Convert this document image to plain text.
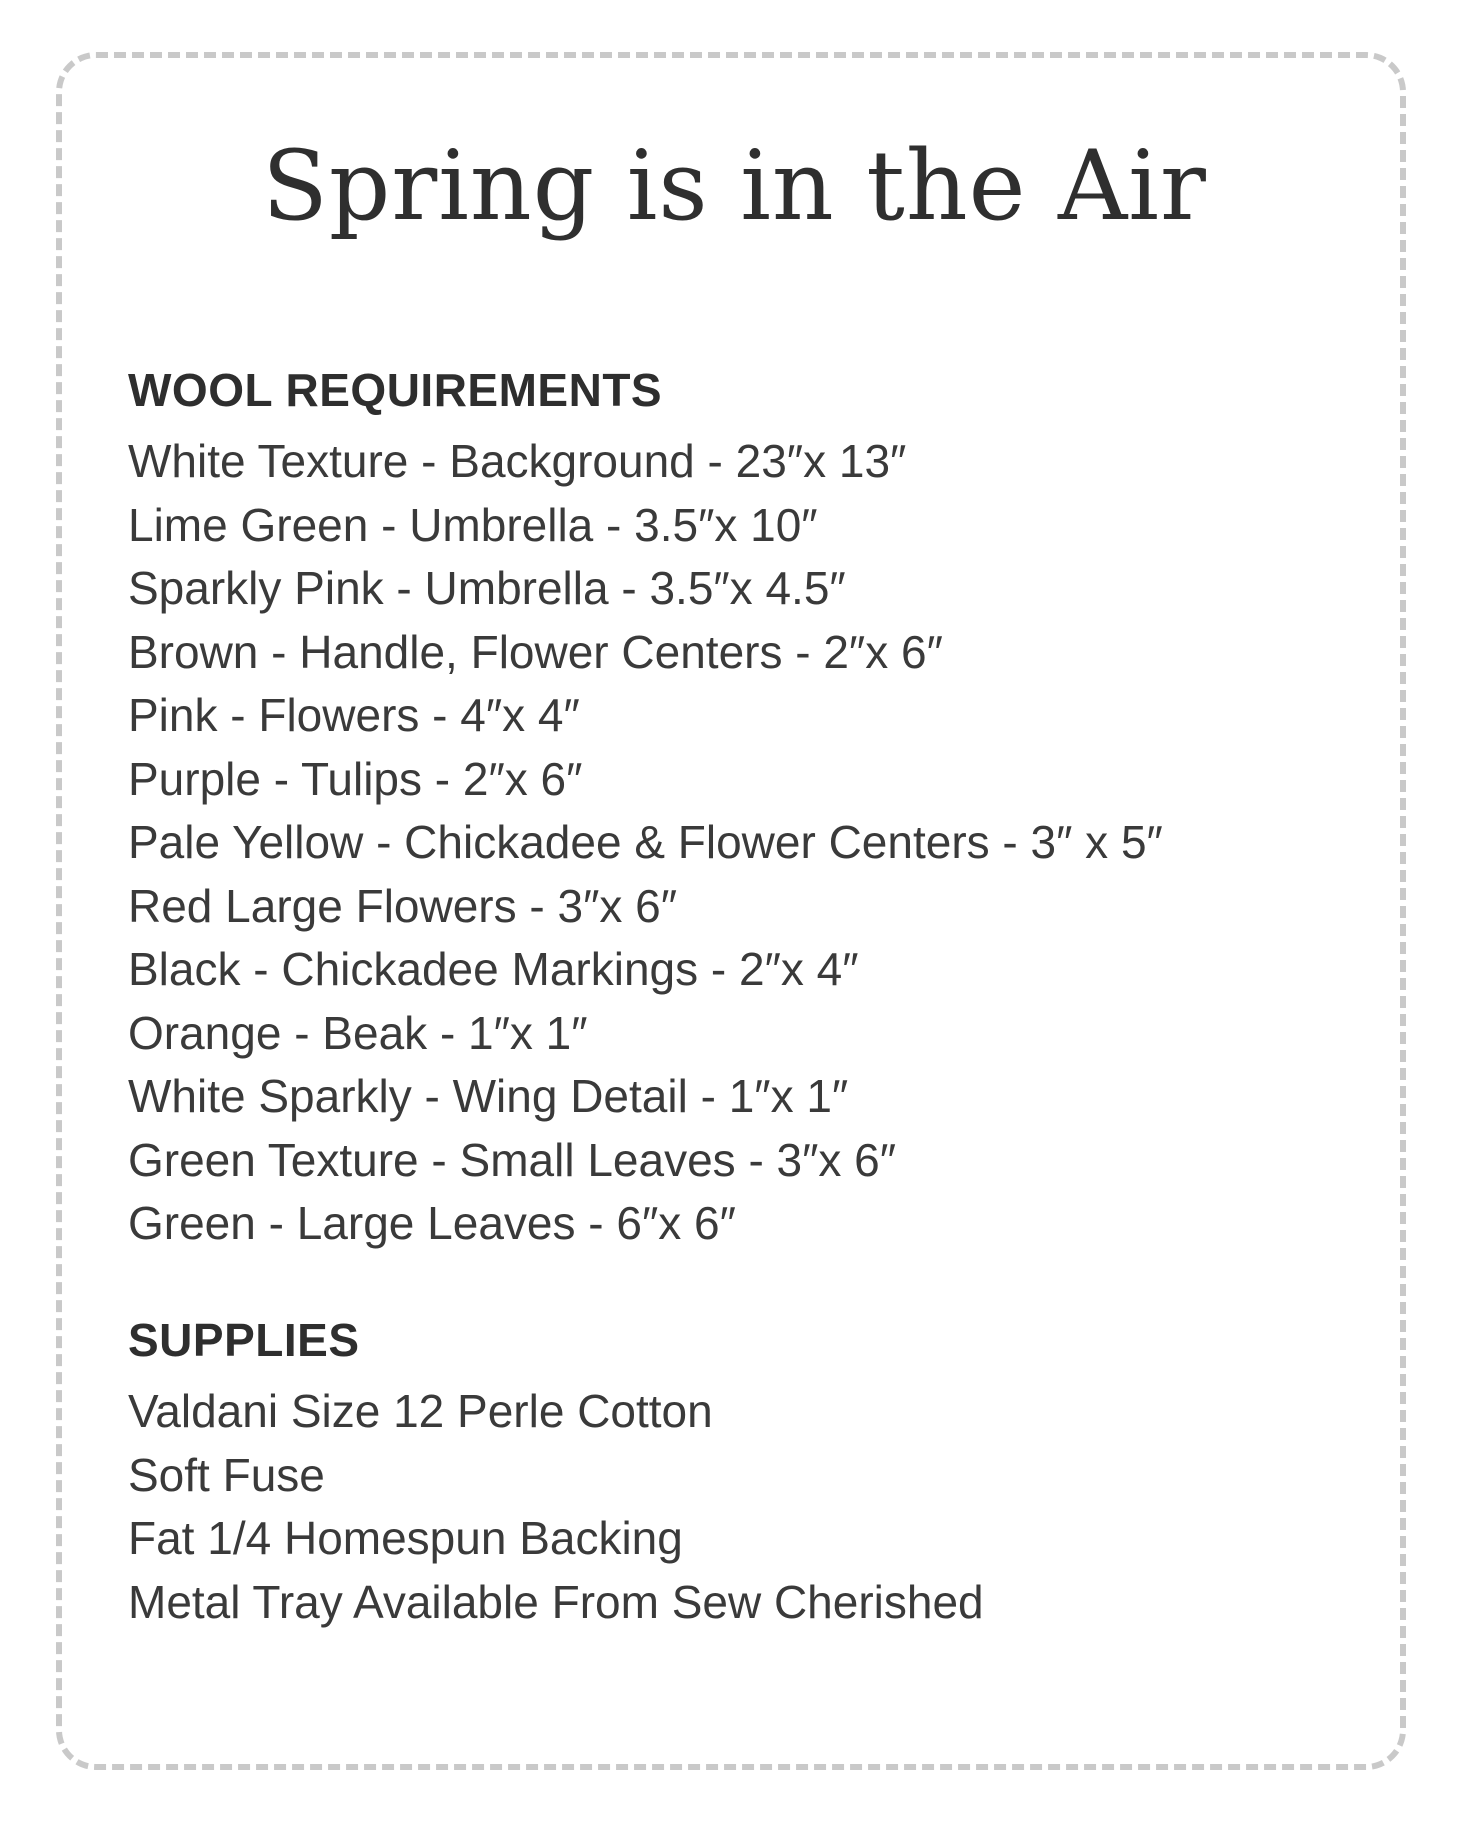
Spring is in the Air
WOOL REQUIREMENTS
White Texture - Background - 23″x 13″
Lime Green - Umbrella - 3.5″x 10″
Sparkly Pink - Umbrella - 3.5″x 4.5″
Brown - Handle, Flower Centers - 2″x 6″
Pink - Flowers - 4″x 4″
Purple - Tulips - 2″x 6″
Pale Yellow - Chickadee & Flower Centers - 3″ x 5″
Red Large Flowers - 3″x 6″
Black - Chickadee Markings - 2″x 4″
Orange - Beak - 1″x 1″
White Sparkly - Wing Detail - 1″x 1″
Green Texture - Small Leaves - 3″x 6″
Green - Large Leaves - 6″x 6″
SUPPLIES
Valdani Size 12 Perle Cotton
Soft Fuse
Fat 1/4 Homespun Backing
Metal Tray Available From Sew Cherished
